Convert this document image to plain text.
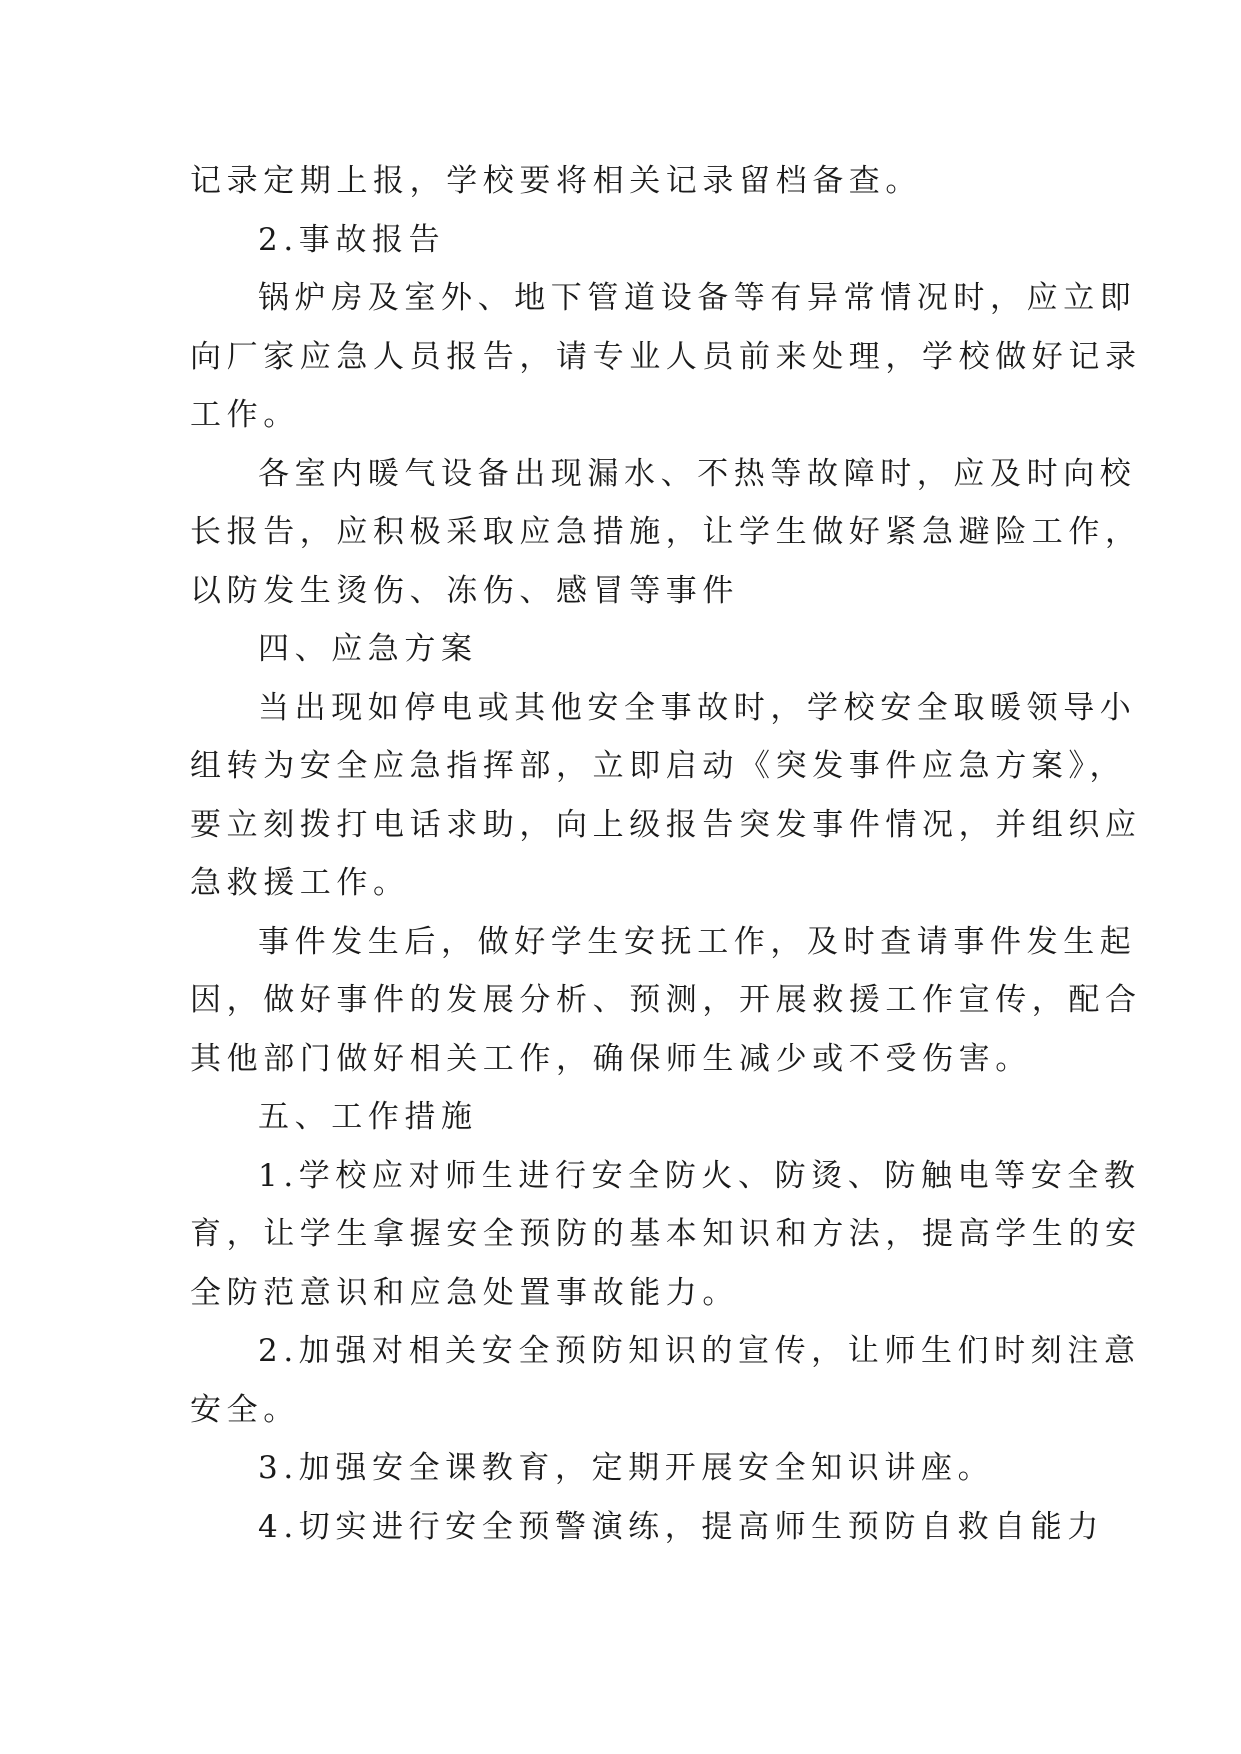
记录定期上报，学校要将相关记录留档备查。
2.事故报告
锅炉房及室外、地下管道设备等有异常情况时，应立即
向厂家应急人员报告，请专业人员前来处理，学校做好记录
工作。
各室内暖气设备出现漏水、不热等故障时，应及时向校
长报告，应积极采取应急措施，让学生做好紧急避险工作，
以防发生烫伤、冻伤、感冒等事件
四、应急方案
当出现如停电或其他安全事故时，学校安全取暖领导小
组转为安全应急指挥部，立即启动《突发事件应急方案》，
要立刻拨打电话求助，向上级报告突发事件情况，并组织应
急救援工作。
事件发生后，做好学生安抚工作，及时查请事件发生起
因，做好事件的发展分析、预测，开展救援工作宣传，配合
其他部门做好相关工作，确保师生减少或不受伤害。
五、工作措施
1.学校应对师生进行安全防火、防烫、防触电等安全教
育，让学生拿握安全预防的基本知识和方法，提高学生的安
全防范意识和应急处置事故能力。
2.加强对相关安全预防知识的宣传，让师生们时刻注意
安全。
3.加强安全课教育，定期开展安全知识讲座。
4.切实进行安全预警演练，提高师生预防自救自能力
